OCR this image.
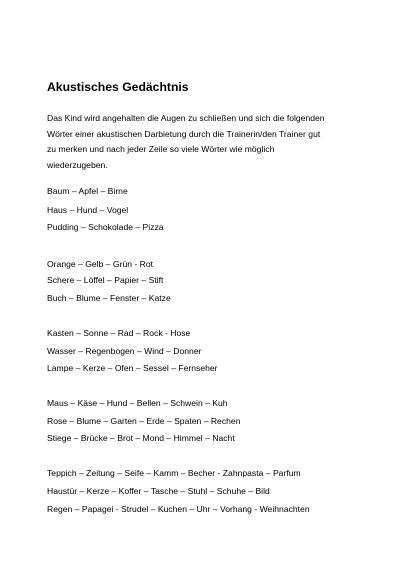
Akustisches Gedächtnis
Das Kind wird angehalten die Augen zu schließen und sich die folgenden
Wörter einer akustischen Darbietung durch die Trainerin/den Trainer gut
zu merken und nach jeder Zeile so viele Wörter wie möglich
wiederzugeben.
Baum – Apfel – Birne
Haus – Hund – Vogel
Pudding – Schokolade – Pizza
Orange – Gelb – Grün - Rot
Schere – Löffel – Papier – Stift
Buch – Blume – Fenster – Katze
Kasten – Sonne – Rad – Rock - Hose
Wasser – Regenbogen – Wind – Donner
Lampe – Kerze – Ofen – Sessel – Fernseher
Maus – Käse – Hund – Bellen – Schwein – Kuh
Rose – Blume – Garten – Erde – Spaten – Rechen
Stiege – Brücke – Brot – Mond – Himmel – Nacht
Teppich – Zeitung – Seife – Kamm – Becher - Zahnpasta – Parfum
Haustür – Kerze – Koffer – Tasche – Stuhl – Schuhe – Bild
Regen – Papagei - Strudel – Kuchen – Uhr – Vorhang - Weihnachten
